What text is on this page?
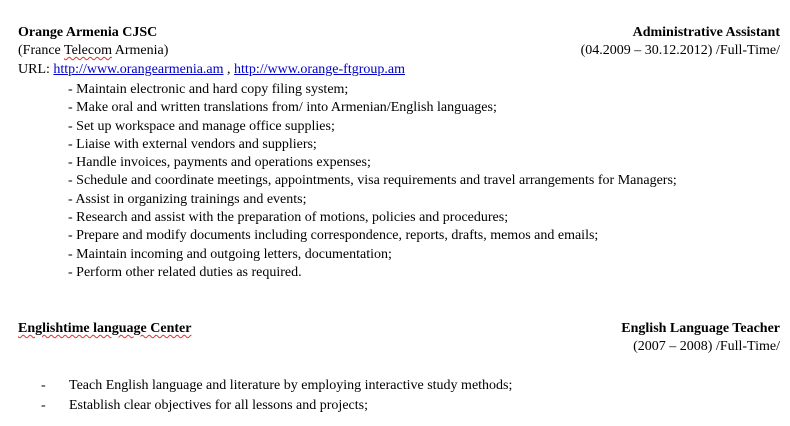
Orange Armenia CJSC	Administrative Assistant
(France Telecom Armenia)	(04.2009 – 30.12.2012) /Full-Time/
URL: http://www.orangearmenia.am , http://www.orange-ftgroup.am
- Maintain electronic and hard copy filing system;
- Make oral and written translations from/ into Armenian/English languages;
- Set up workspace and manage office supplies;
- Liaise with external vendors and suppliers;
- Handle invoices, payments and operations expenses;
- Schedule and coordinate meetings, appointments, visa requirements and travel arrangements for Managers;
- Assist in organizing trainings and events;
- Research and assist with the preparation of motions, policies and procedures;
- Prepare and modify documents including correspondence, reports, drafts, memos and emails;
- Maintain incoming and outgoing letters, documentation;
- Perform other related duties as required.
Englishtime language Center	English Language Teacher
(2007 – 2008) /Full-Time/
- Teach English language and literature by employing interactive study methods;
- Establish clear objectives for all lessons and projects;
